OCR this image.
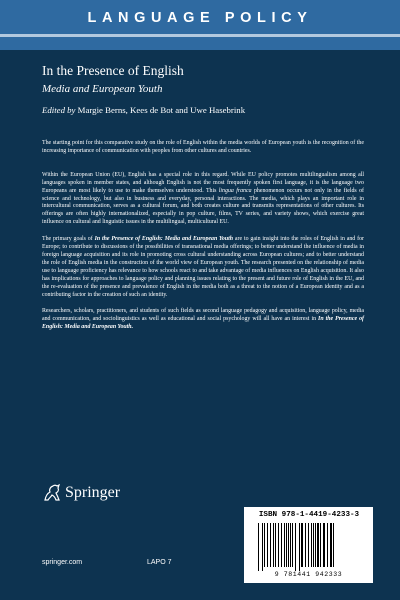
LANGUAGE POLICY
In the Presence of English
Media and European Youth
Edited by Margie Berns, Kees de Bot and Uwe Hasebrink

The starting point for this comparative study on the role of English within the media worlds of European youth is the recognition of the increasing importance of communication with peoples from other cultures and countries.

Within the European Union (EU), English has a special role in this regard. While EU policy promotes multilingualism among all languages spoken in member states, and although English is not the most frequently spoken first language, it is the language two Europeans are most likely to use to make themselves understood. This lingua franca phenomenon occurs not only in the fields of science and technology, but also in business and everyday, personal interactions. The media, which plays an important role in intercultural communication, serves as a cultural forum, and both creates culture and transmits representations of other cultures. Its offerings are often highly internationalized, especially in pop culture, films, TV series, and variety shows, which exercise great influence on cultural and linguistic issues in the multilingual, multicultural EU.

The primary goals of In the Presence of English: Media and European Youth are to gain insight into the roles of English in and for Europe; to contribute to discussions of the possibilities of transnational media offerings; to better understand the influence of media in foreign language acquisition and its role in promoting cross cultural understanding across European cultures; and to better understand the role of English media in the construction of the world view of European youth. The research presented on the relationship of media use to language proficiency has relevance to how schools react to and take advantage of media influences on English acquisition. It also has implications for approaches to language policy and planning issues relating to the present and future role of English in the EU, and the re-evaluation of the presence and prevalence of English in the media both as a threat to the notion of a European identity and as a contributing factor in the creation of such an identity.

Researchers, scholars, practitioners, and students of such fields as second language pedagogy and acquisition, language policy, media and communication, and sociolinguistics as well as educational and social psychology will all have an interest in In the Presence of English: Media and European Youth.

Springer
springer.com	LAPO 7
ISBN 978-1-4419-4233-3
9 781441 942333
